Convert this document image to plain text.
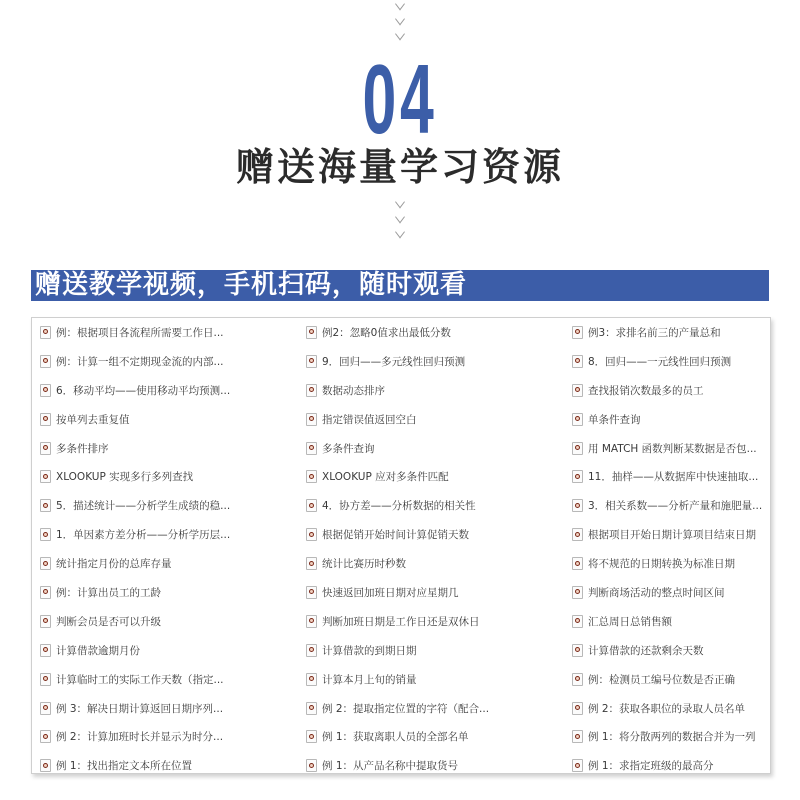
04
赠送海量学习资源
赠送教学视频，手机扫码，随时观看
例：根据项目各流程所需要工作日...
例：计算一组不定期现金流的内部...
6．移动平均——使用移动平均预测...
按单列去重复值
多条件排序
XLOOKUP 实现多行多列查找
5．描述统计——分析学生成绩的稳...
1．单因素方差分析——分析学历层...
统计指定月份的总库存量
例：计算出员工的工龄
判断会员是否可以升级
计算借款逾期月份
计算临时工的实际工作天数（指定...
例 3：解决日期计算返回日期序列...
例 2：计算加班时长并显示为时分...
例 1：找出指定文本所在位置
例2：忽略0值求出最低分数
9．回归——多元线性回归预测
数据动态排序
指定错误值返回空白
多条件查询
XLOOKUP 应对多条件匹配
4．协方差——分析数据的相关性
根据促销开始时间计算促销天数
统计比赛历时秒数
快速返回加班日期对应星期几
判断加班日期是工作日还是双休日
计算借款的到期日期
计算本月上旬的销量
例 2：提取指定位置的字符（配合...
例 1：获取离职人员的全部名单
例 1：从产品名称中提取货号
例3：求排名前三的产量总和
8．回归——一元线性回归预测
查找报销次数最多的员工
单条件查询
用 MATCH 函数判断某数据是否包...
11．抽样——从数据库中快速抽取...
3．相关系数——分析产量和施肥量...
根据项目开始日期计算项目结束日期
将不规范的日期转换为标准日期
判断商场活动的整点时间区间
汇总周日总销售额
计算借款的还款剩余天数
例：检测员工编号位数是否正确
例 2：获取各职位的录取人员名单
例 1：将分散两列的数据合并为一列
例 1：求指定班级的最高分
